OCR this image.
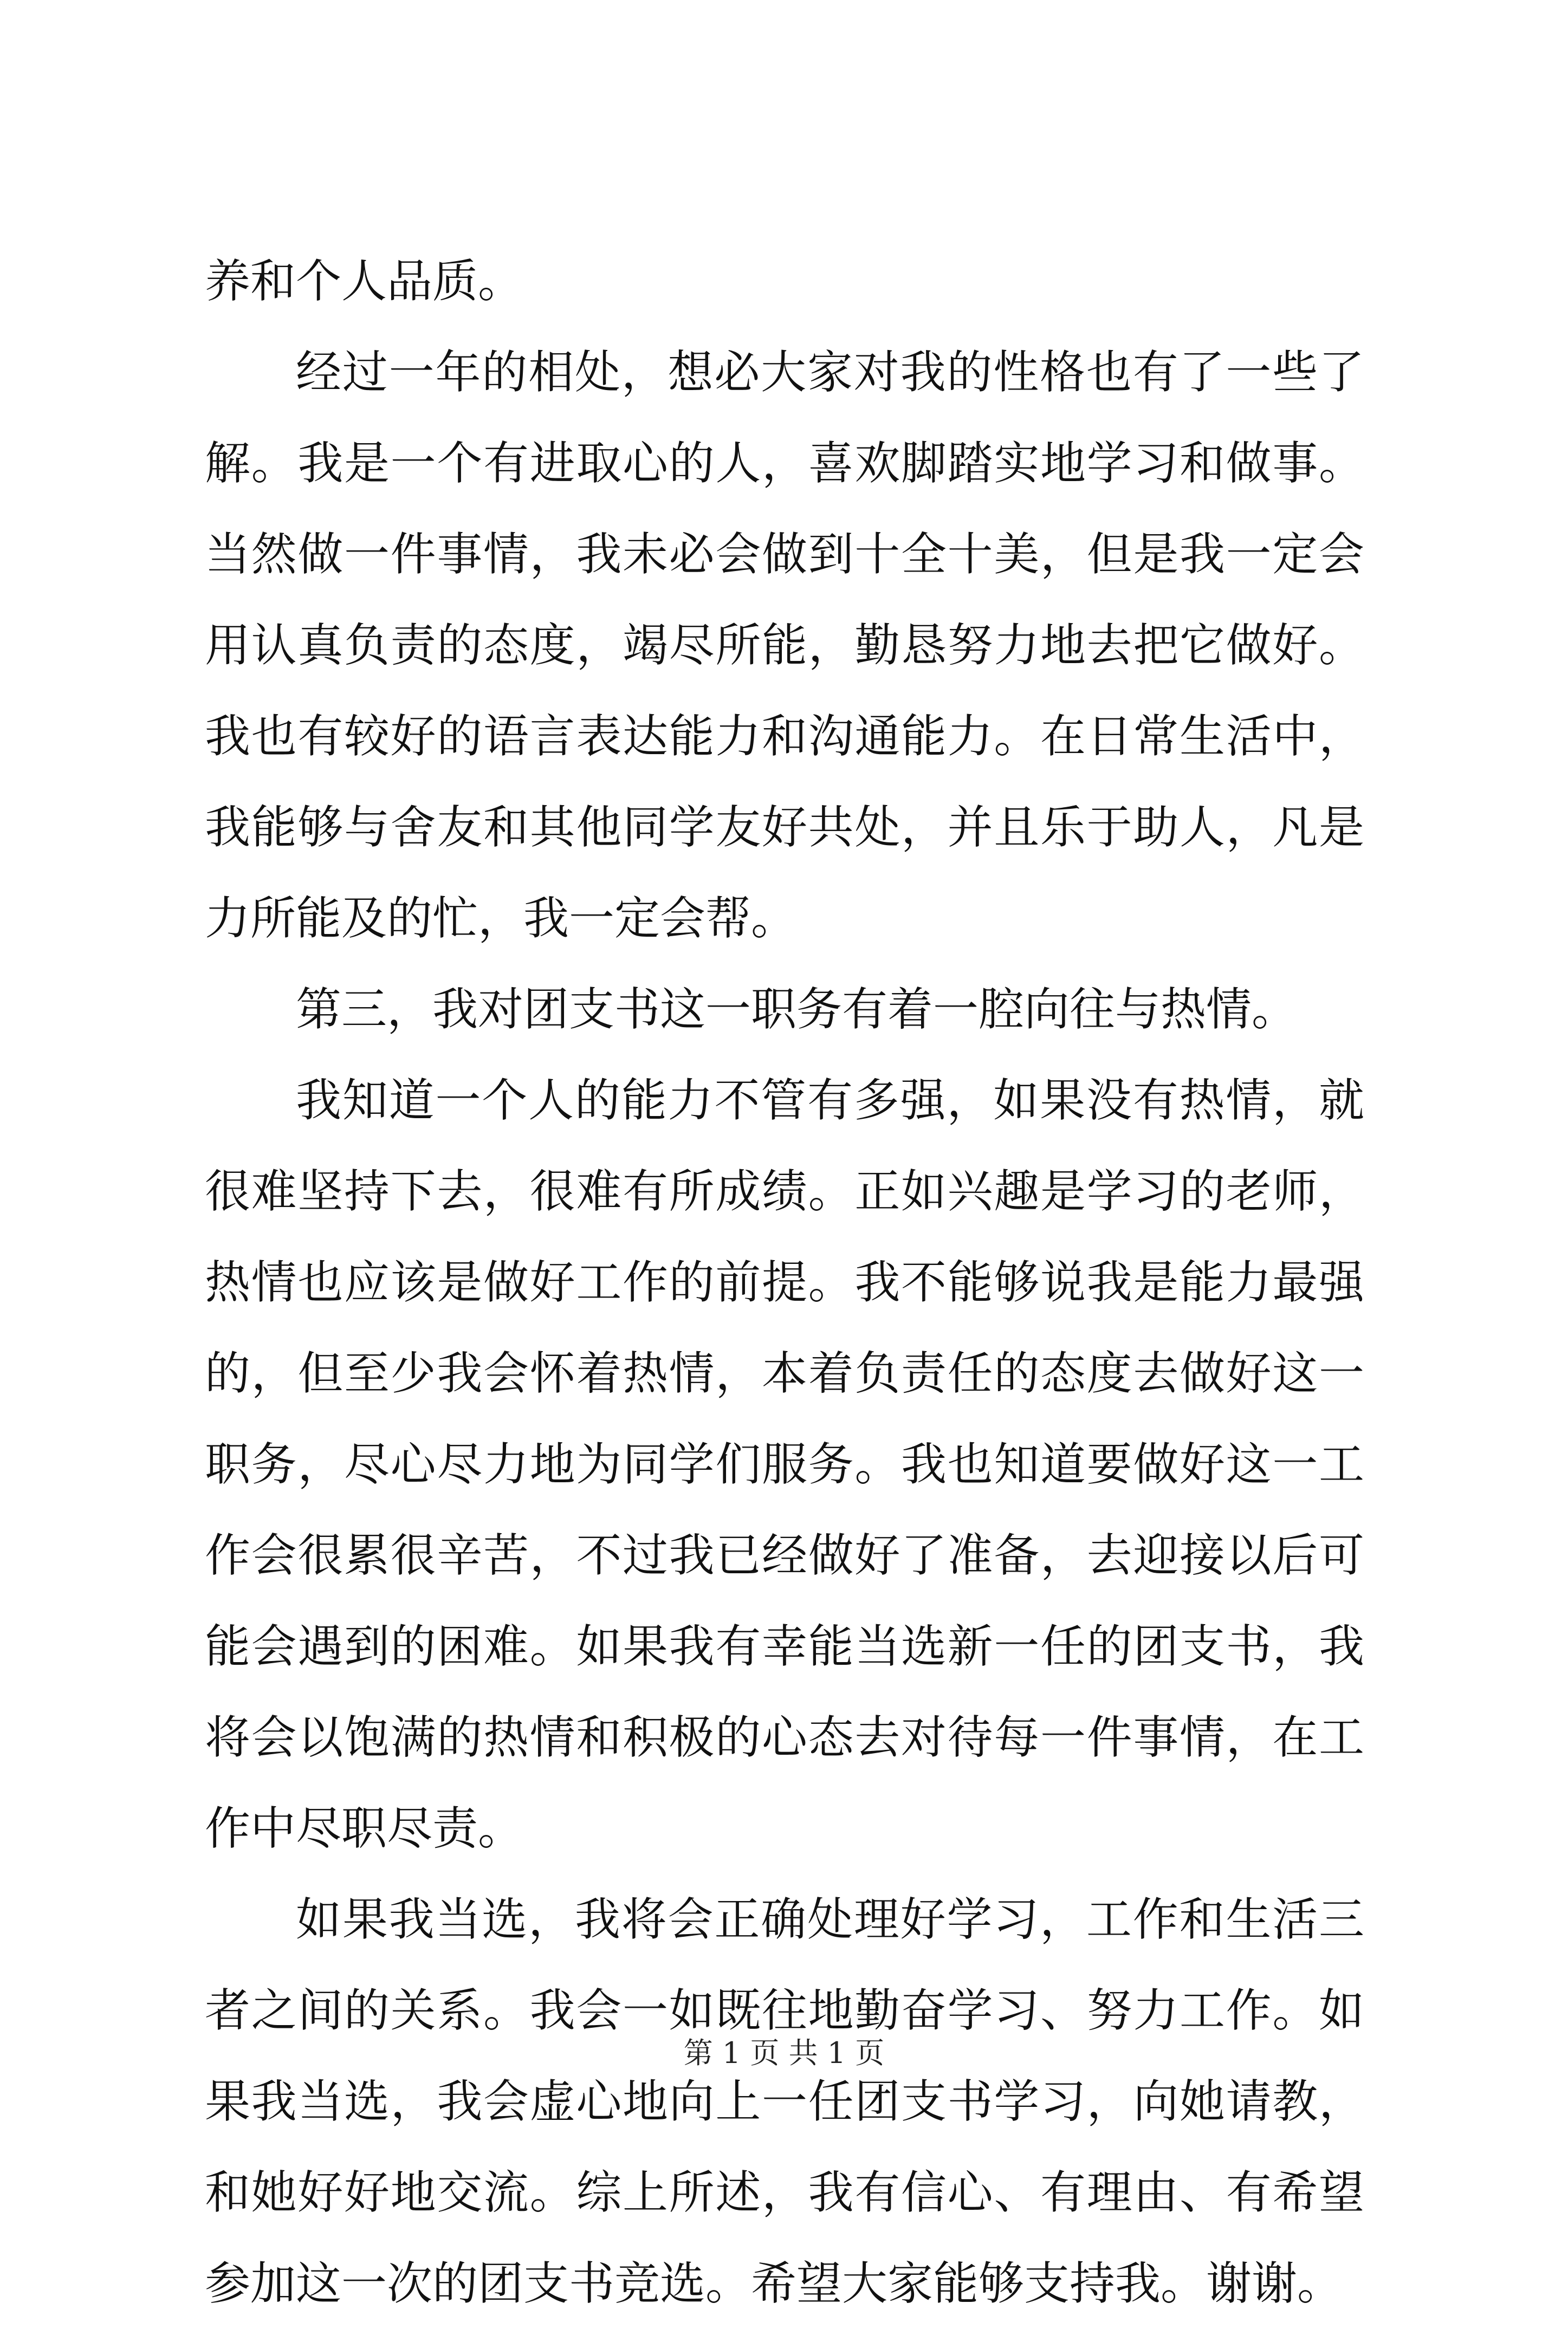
养和个人品质。

经过一年的相处，想必大家对我的性格也有了一些了解。我是一个有进取心的人，喜欢脚踏实地学习和做事。当然做一件事情，我未必会做到十全十美，但是我一定会用认真负责的态度，竭尽所能，勤恳努力地去把它做好。我也有较好的语言表达能力和沟通能力。在日常生活中，我能够与舍友和其他同学友好共处，并且乐于助人，凡是力所能及的忙，我一定会帮。

第三，我对团支书这一职务有着一腔向往与热情。

我知道一个人的能力不管有多强，如果没有热情，就很难坚持下去，很难有所成绩。正如兴趣是学习的老师，热情也应该是做好工作的前提。我不能够说我是能力最强的，但至少我会怀着热情，本着负责任的态度去做好这一职务，尽心尽力地为同学们服务。我也知道要做好这一工作会很累很辛苦，不过我已经做好了准备，去迎接以后可能会遇到的困难。如果我有幸能当选新一任的团支书，我将会以饱满的热情和积极的心态去对待每一件事情，在工作中尽职尽责。

如果我当选，我将会正确处理好学习，工作和生活三者之间的关系。我会一如既往地勤奋学习、努力工作。如果我当选，我会虚心地向上一任团支书学习，向她请教，和她好好地交流。综上所述，我有信心、有理由、有希望参加这一次的团支书竞选。希望大家能够支持我。谢谢。

第 1 页 共 1 页
